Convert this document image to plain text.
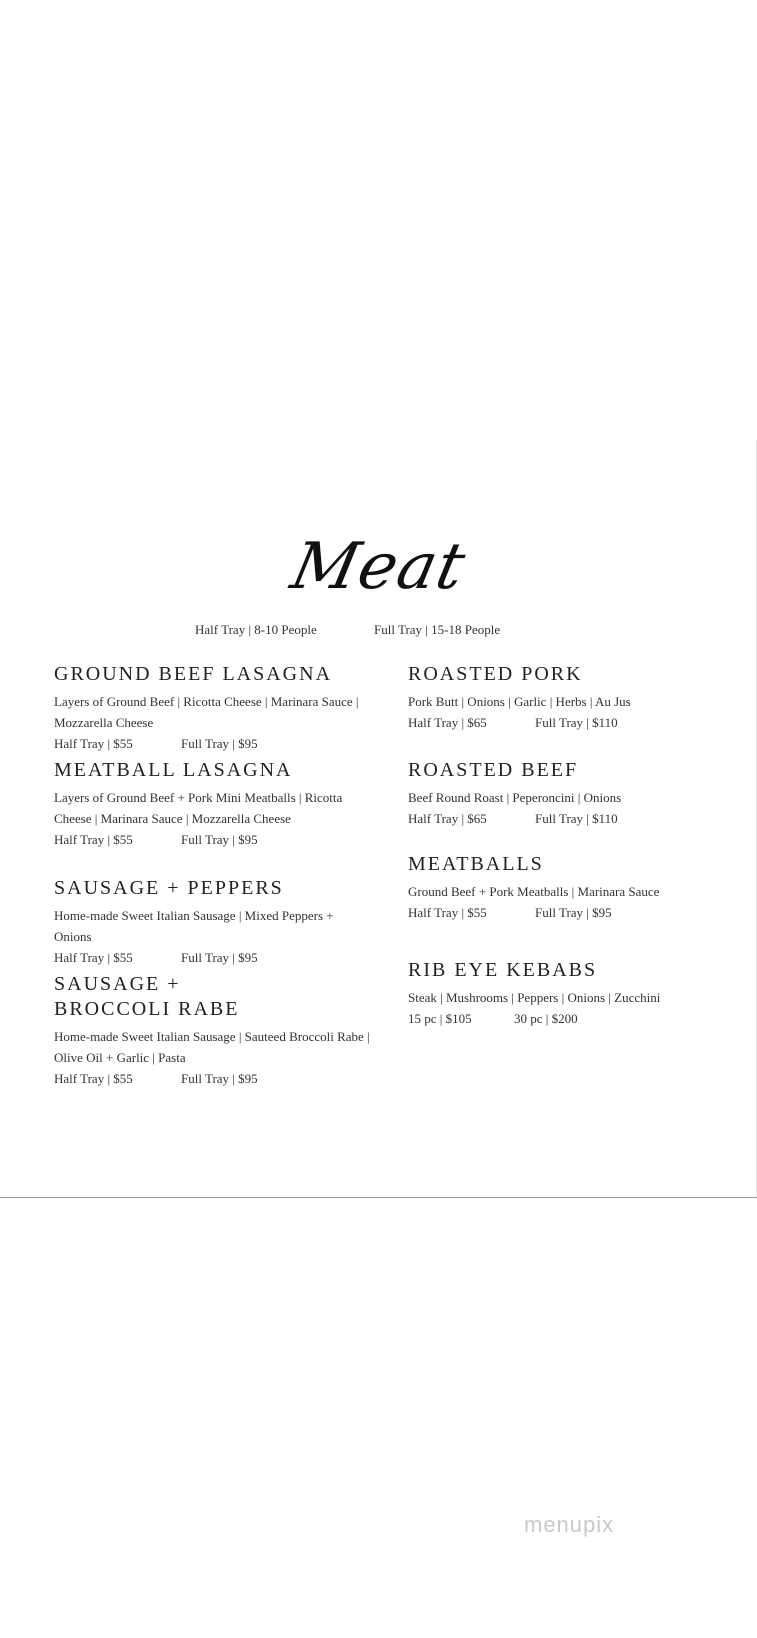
Meat
Half Tray | 8-10 People	Full Tray | 15-18 People
GROUND BEEF LASAGNA
Layers of Ground Beef | Ricotta Cheese | Marinara Sauce | Mozzarella Cheese
Half Tray | $55	Full Tray | $95
MEATBALL LASAGNA
Layers of Ground Beef + Pork Mini Meatballs | Ricotta Cheese | Marinara Sauce | Mozzarella Cheese
Half Tray | $55	Full Tray | $95
SAUSAGE + PEPPERS
Home-made Sweet Italian Sausage | Mixed Peppers + Onions
Half Tray | $55	Full Tray | $95
SAUSAGE +
BROCCOLI RABE
Home-made Sweet Italian Sausage | Sauteed Broccoli Rabe | Olive Oil + Garlic | Pasta
Half Tray | $55	Full Tray | $95
ROASTED PORK
Pork Butt | Onions | Garlic | Herbs | Au Jus
Half Tray | $65	Full Tray | $110
ROASTED BEEF
Beef Round Roast | Peperoncini | Onions
Half Tray | $65	Full Tray | $110
MEATBALLS
Ground Beef + Pork Meatballs | Marinara Sauce
Half Tray | $55	Full Tray | $95
RIB EYE KEBABS
Steak | Mushrooms | Peppers | Onions | Zucchini
15 pc | $105	30 pc | $200
menupix
